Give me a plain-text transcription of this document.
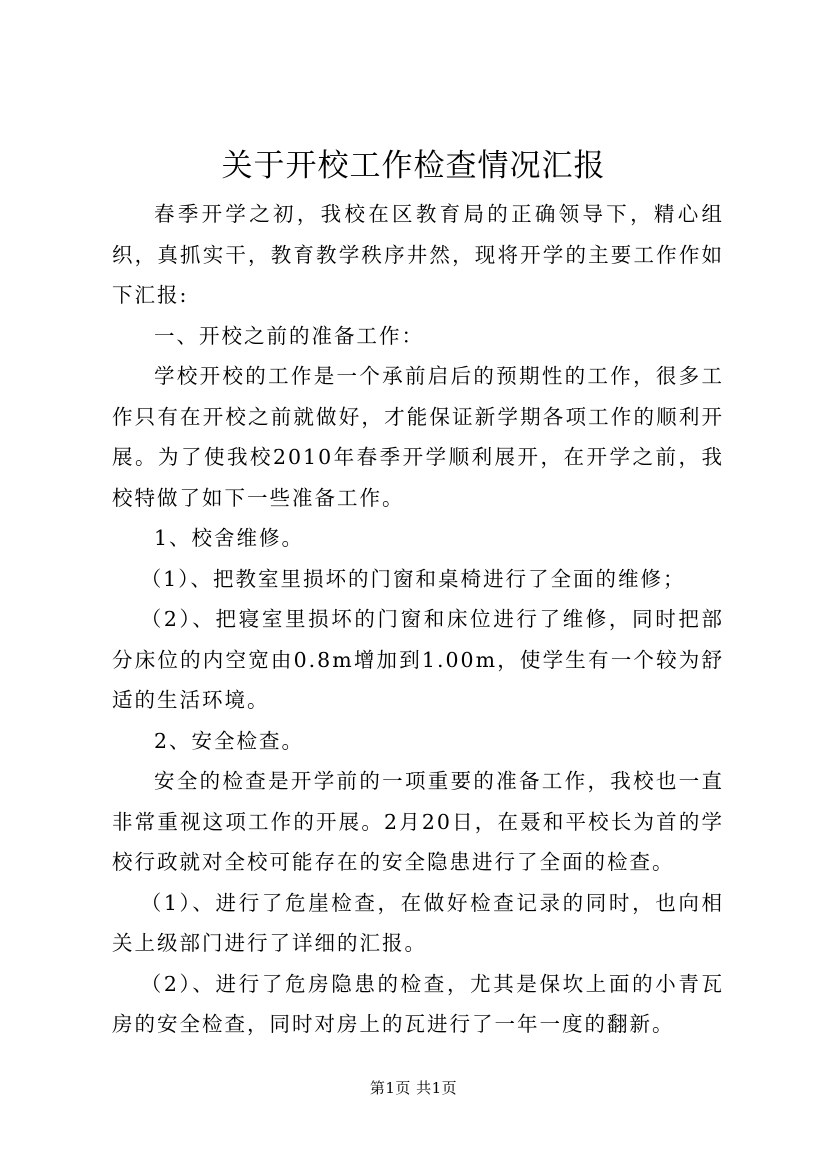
关于开校工作检查情况汇报

春季开学之初，我校在区教育局的正确领导下，精心组织，真抓实干，教育教学秩序井然，现将开学的主要工作作如下汇报:

一、开校之前的准备工作：

学校开校的工作是一个承前启后的预期性的工作，很多工作只有在开校之前就做好，才能保证新学期各项工作的顺利开展。为了使我校2010年春季开学顺利展开，在开学之前，我校特做了如下一些准备工作。

1、校舍维修。

（1）、把教室里损坏的门窗和桌椅进行了全面的维修；

（2）、把寝室里损坏的门窗和床位进行了维修，同时把部分床位的内空宽由0.8m增加到1.00m，使学生有一个较为舒适的生活环境。

2、安全检查。

安全的检查是开学前的一项重要的准备工作，我校也一直非常重视这项工作的开展。2月20日，在聂和平校长为首的学校行政就对全校可能存在的安全隐患进行了全面的检查。

（1）、进行了危崖检查，在做好检查记录的同时，也向相关上级部门进行了详细的汇报。

（2）、进行了危房隐患的检查，尤其是保坎上面的小青瓦房的安全检查，同时对房上的瓦进行了一年一度的翻新。

第1页 共1页
